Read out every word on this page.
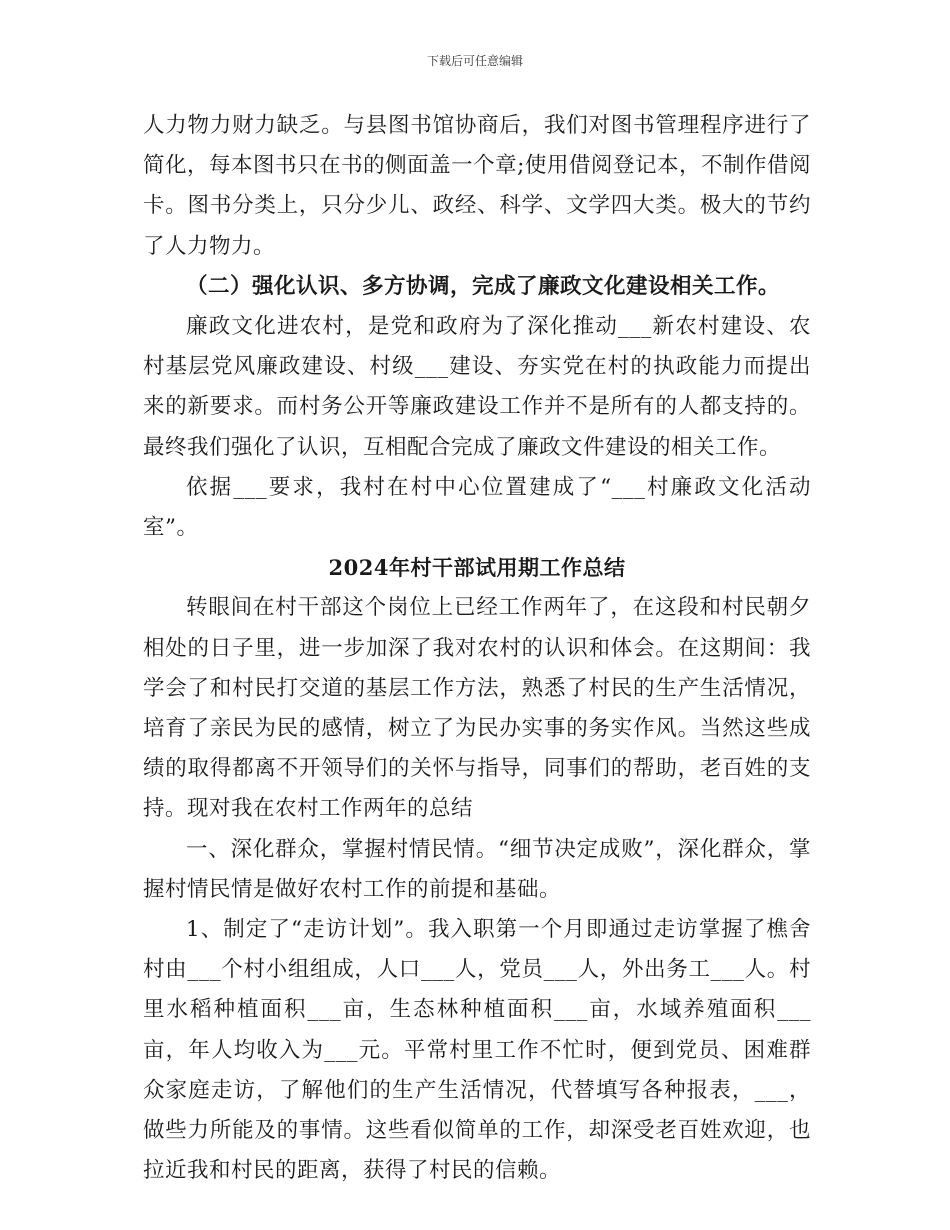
下载后可任意编辑

人力物力财力缺乏。与县图书馆协商后，我们对图书管理程序进行了简化，每本图书只在书的侧面盖一个章;使用借阅登记本，不制作借阅卡。图书分类上，只分少儿、政经、科学、文学四大类。极大的节约了人力物力。

（二）强化认识、多方协调，完成了廉政文化建设相关工作。

廉政文化进农村，是党和政府为了深化推动___新农村建设、农村基层党风廉政建设、村级___建设、夯实党在村的执政能力而提出来的新要求。而村务公开等廉政建设工作并不是所有的人都支持的。最终我们强化了认识，互相配合完成了廉政文件建设的相关工作。

依据___要求，我村在村中心位置建成了“___村廉政文化活动室”。

2024年村干部试用期工作总结

转眼间在村干部这个岗位上已经工作两年了，在这段和村民朝夕相处的日子里，进一步加深了我对农村的认识和体会。在这期间：我学会了和村民打交道的基层工作方法，熟悉了村民的生产生活情况，培育了亲民为民的感情，树立了为民办实事的务实作风。当然这些成绩的取得都离不开领导们的关怀与指导，同事们的帮助，老百姓的支持。现对我在农村工作两年的总结

一、深化群众，掌握村情民情。“细节决定成败”，深化群众，掌握村情民情是做好农村工作的前提和基础。

1、制定了“走访计划”。我入职第一个月即通过走访掌握了樵舍村由___个村小组组成，人口___人，党员___人，外出务工___人。村里水稻种植面积___亩，生态林种植面积___亩，水域养殖面积___亩，年人均收入为___元。平常村里工作不忙时，便到党员、困难群众家庭走访，了解他们的生产生活情况，代替填写各种报表，___，做些力所能及的事情。这些看似简单的工作，却深受老百姓欢迎，也拉近我和村民的距离，获得了村民的信赖。
